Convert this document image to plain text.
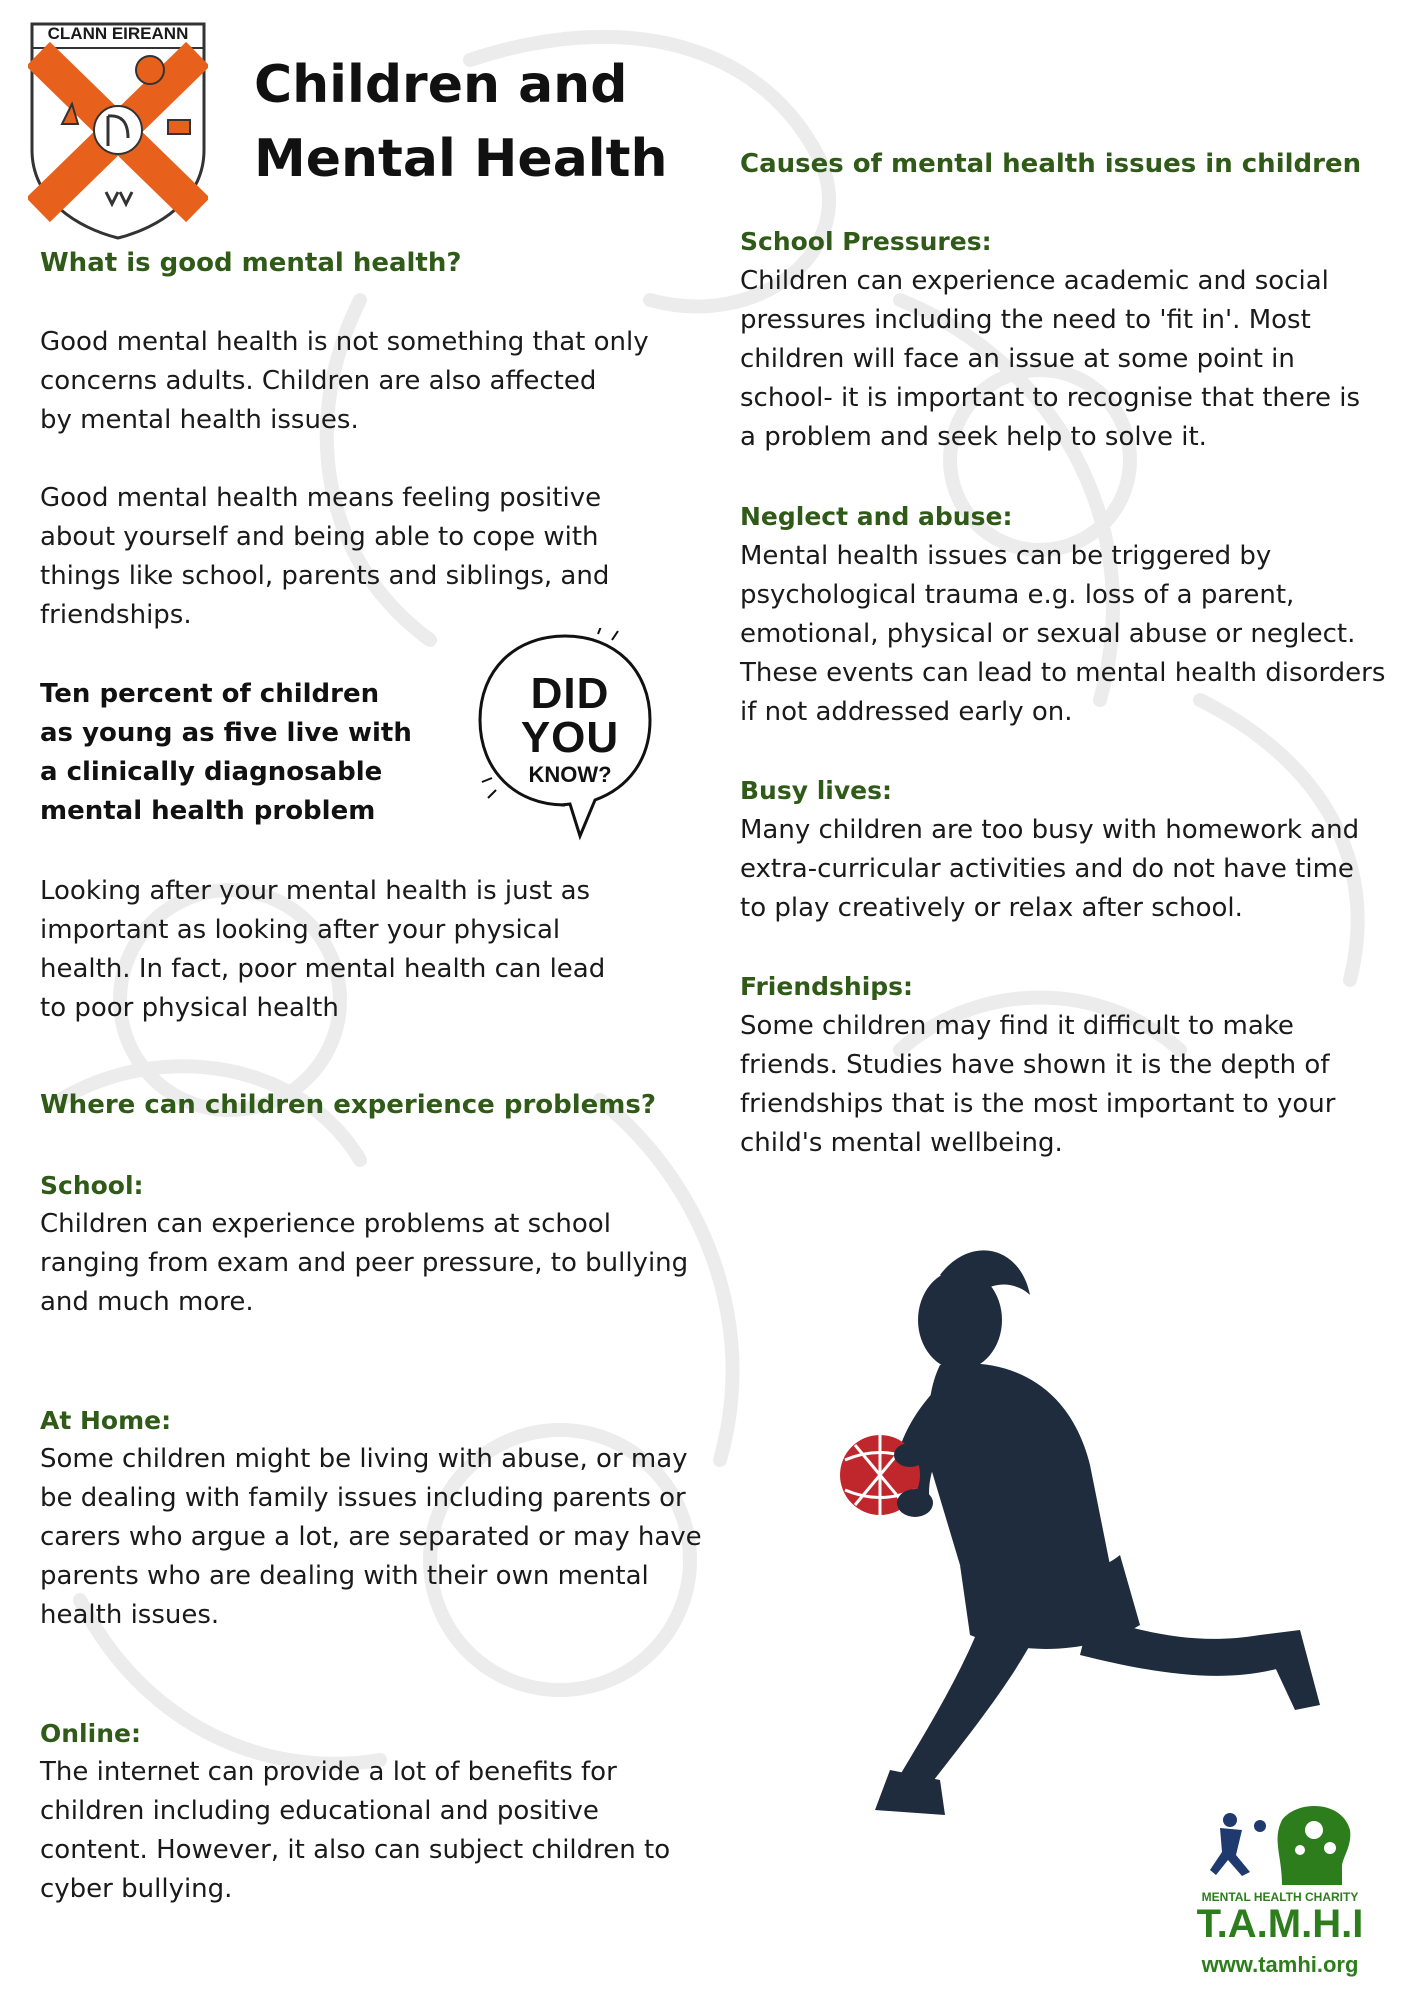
CLANN EIREANN
Children and
Mental Health
What is good mental health?

Good mental health is not something that only
concerns adults. Children are also affected
by mental health issues.

Good mental health means feeling positive
about yourself and being able to cope with
things like school, parents and siblings, and
friendships.

Ten percent of children
as young as five live with
a clinically diagnosable
mental health problem

DID
YOU
KNOW?

Looking after your mental health is just as
important as looking after your physical
health. In fact, poor mental health can lead
to poor physical health

Where can children experience problems?
School:

Children can experience problems at school
ranging from exam and peer pressure, to bullying
and much more.

At Home:

Some children might be living with abuse, or may
be dealing with family issues including parents or
carers who argue a lot, are separated or may have
parents who are dealing with their own mental
health issues.

Online:

The internet can provide a lot of benefits for
children including educational and positive
content. However, it also can subject children to
cyber bullying.

Causes of mental health issues in children
School Pressures:

Children can experience academic and social
pressures including the need to 'fit in'. Most
children will face an issue at some point in
school- it is important to recognise that there is
a problem and seek help to solve it.

Neglect and abuse:

Mental health issues can be triggered by
psychological trauma e.g. loss of a parent,
emotional, physical or sexual abuse or neglect.
These events can lead to mental health disorders
if not addressed early on.

Busy lives:

Many children are too busy with homework and
extra-curricular activities and do not have time
to play creatively or relax after school.

Friendships:

Some children may find it difficult to make
friends. Studies have shown it is the depth of
friendships that is the most important to your
child's mental wellbeing.

MENTAL HEALTH CHARITY
T.A.M.H.I
www.tamhi.org
